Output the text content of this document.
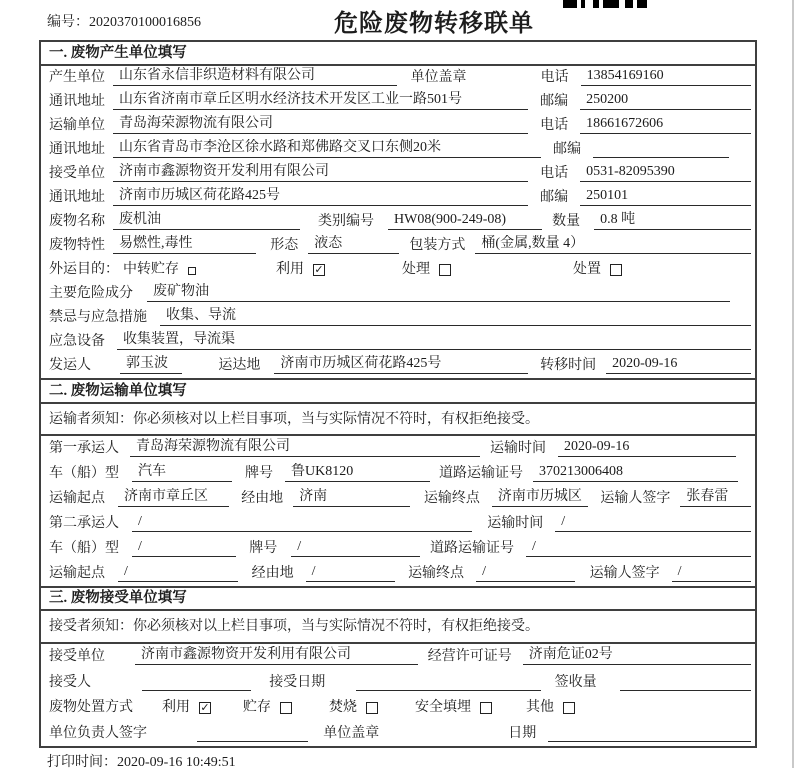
编号：2020370100016856	危险废物转移联单
一. 废物产生单位填写
产生单位	山东省永信非织造材料有限公司	单位盖章	电话	13854169160
通讯地址	山东省济南市章丘区明水经济技术开发区工业一路501号	邮编	250200
运输单位	青岛海荣源物流有限公司	电话	18661672606
通讯地址	山东省青岛市李沧区徐水路和郑佛路交叉口东侧20米	邮编
接受单位	济南市鑫源物资开发利用有限公司	电话	0531-82095390
通讯地址	济南市历城区荷花路425号	邮编	250101
废物名称	废机油	类别编号	HW08(900-249-08)	数量	0.8 吨
废物特性	易燃性,毒性	形态	液态	包装方式	桶(金属,数量 4）
外运目的： 中转贮存	利用 ✓	处理	处置
主要危险成分	废矿物油
禁忌与应急措施	收集、导流
应急设备	收集装置，导流渠
发运人	郭玉波	运达地	济南市历城区荷花路425号	转移时间	2020-09-16
二. 废物运输单位填写
运输者须知：你必须核对以上栏目事项，当与实际情况不符时，有权拒绝接受。
第一承运人	青岛海荣源物流有限公司	运输时间	2020-09-16
车（船）型	汽车	牌号	鲁UK8120	道路运输证号	370213006408
运输起点	济南市章丘区	经由地	济南	运输终点	济南市历城区	运输人签字	张春雷
第二承运人	/	运输时间	/
车（船）型	/	牌号	/	道路运输证号	/
运输起点	/	经由地	/	运输终点	/	运输人签字	/
三. 废物接受单位填写
接受者须知：你必须核对以上栏目事项，当与实际情况不符时，有权拒绝接受。
接受单位	济南市鑫源物资开发利用有限公司	经营许可证号	济南危证02号
接受人	接受日期	签收量
废物处置方式 利用 ✓ 贮存	焚烧	安全填埋	其他
单位负责人签字	单位盖章	日期
打印时间：2020-09-16 10:49:51
